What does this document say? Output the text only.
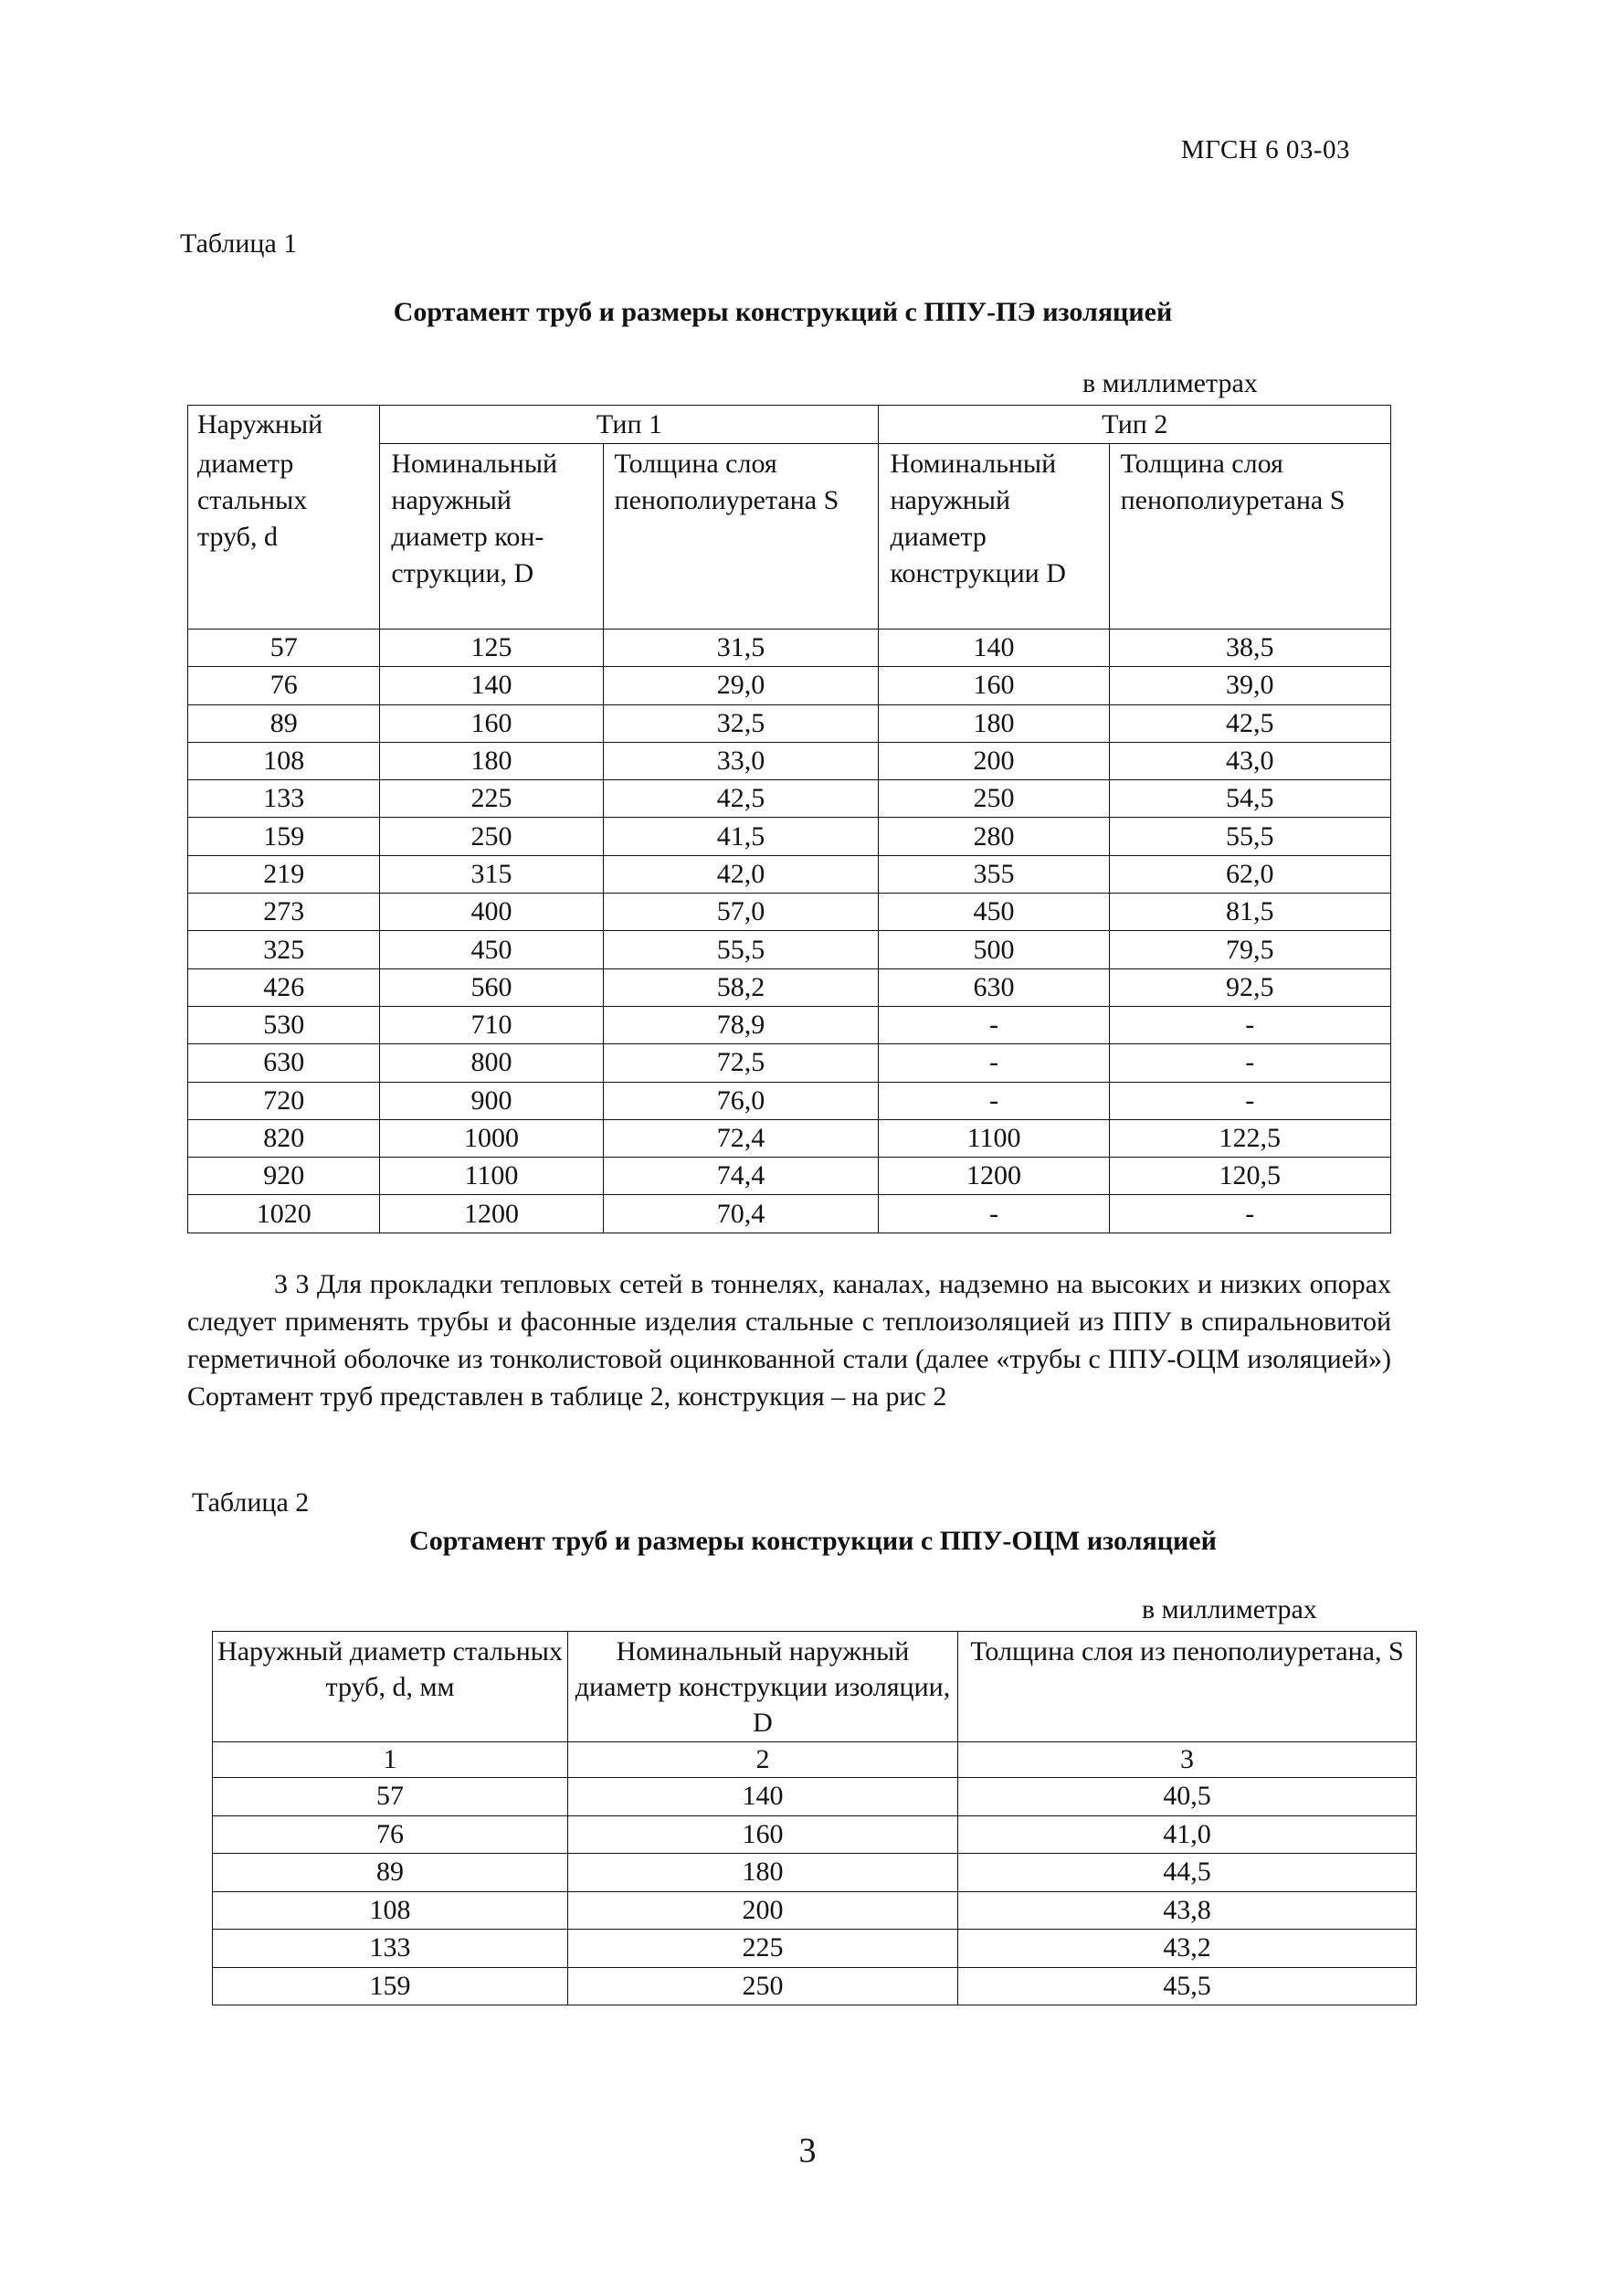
МГСН 6 03-03
Таблица 1
Сортамент труб и размеры конструкций с ППУ-ПЭ изоляцией
в миллиметрах
Наружный	Тип 1		Тип 2	
диаметр
стальных
труб, d	Номинальный наружный диаметр кон-струкции, D	Толщина слоя пенополиуретана S	Номинальный наружный диаметр конструкции D	Толщина слоя пенополиуретана S
57	125	31,5	140	38,5
76	140	29,0	160	39,0
89	160	32,5	180	42,5
108	180	33,0	200	43,0
133	225	42,5	250	54,5
159	250	41,5	280	55,5
219	315	42,0	355	62,0
273	400	57,0	450	81,5
325	450	55,5	500	79,5
426	560	58,2	630	92,5
530	710	78,9	-	-
630	800	72,5	-	-
720	900	76,0	-	-
820	1000	72,4	1100	122,5
920	1100	74,4	1200	120,5
1020	1200	70,4	-	-

3 3 Для прокладки тепловых сетей в тоннелях, каналах, надземно на высоких и низких опорах следует применять трубы и фасонные изделия стальные с теплоизоляцией из ППУ в спиральновитой герметичной оболочке из тонколистовой оцинкованной стали (далее «трубы с ППУ-ОЦМ изоляцией») Сортамент труб представлен в таблице 2, конструкция – на рис 2

Таблица 2
Сортамент труб и размеры конструкции с ППУ-ОЦМ изоляцией
в миллиметрах
Наружный диаметр стальных труб, d, мм	Номинальный наружный диаметр конструкции изоляции, D	Толщина слоя из пенополиуретана, S
1	2	3
57	140	40,5
76	160	41,0
89	180	44,5
108	200	43,8
133	225	43,2
159	250	45,5
3
